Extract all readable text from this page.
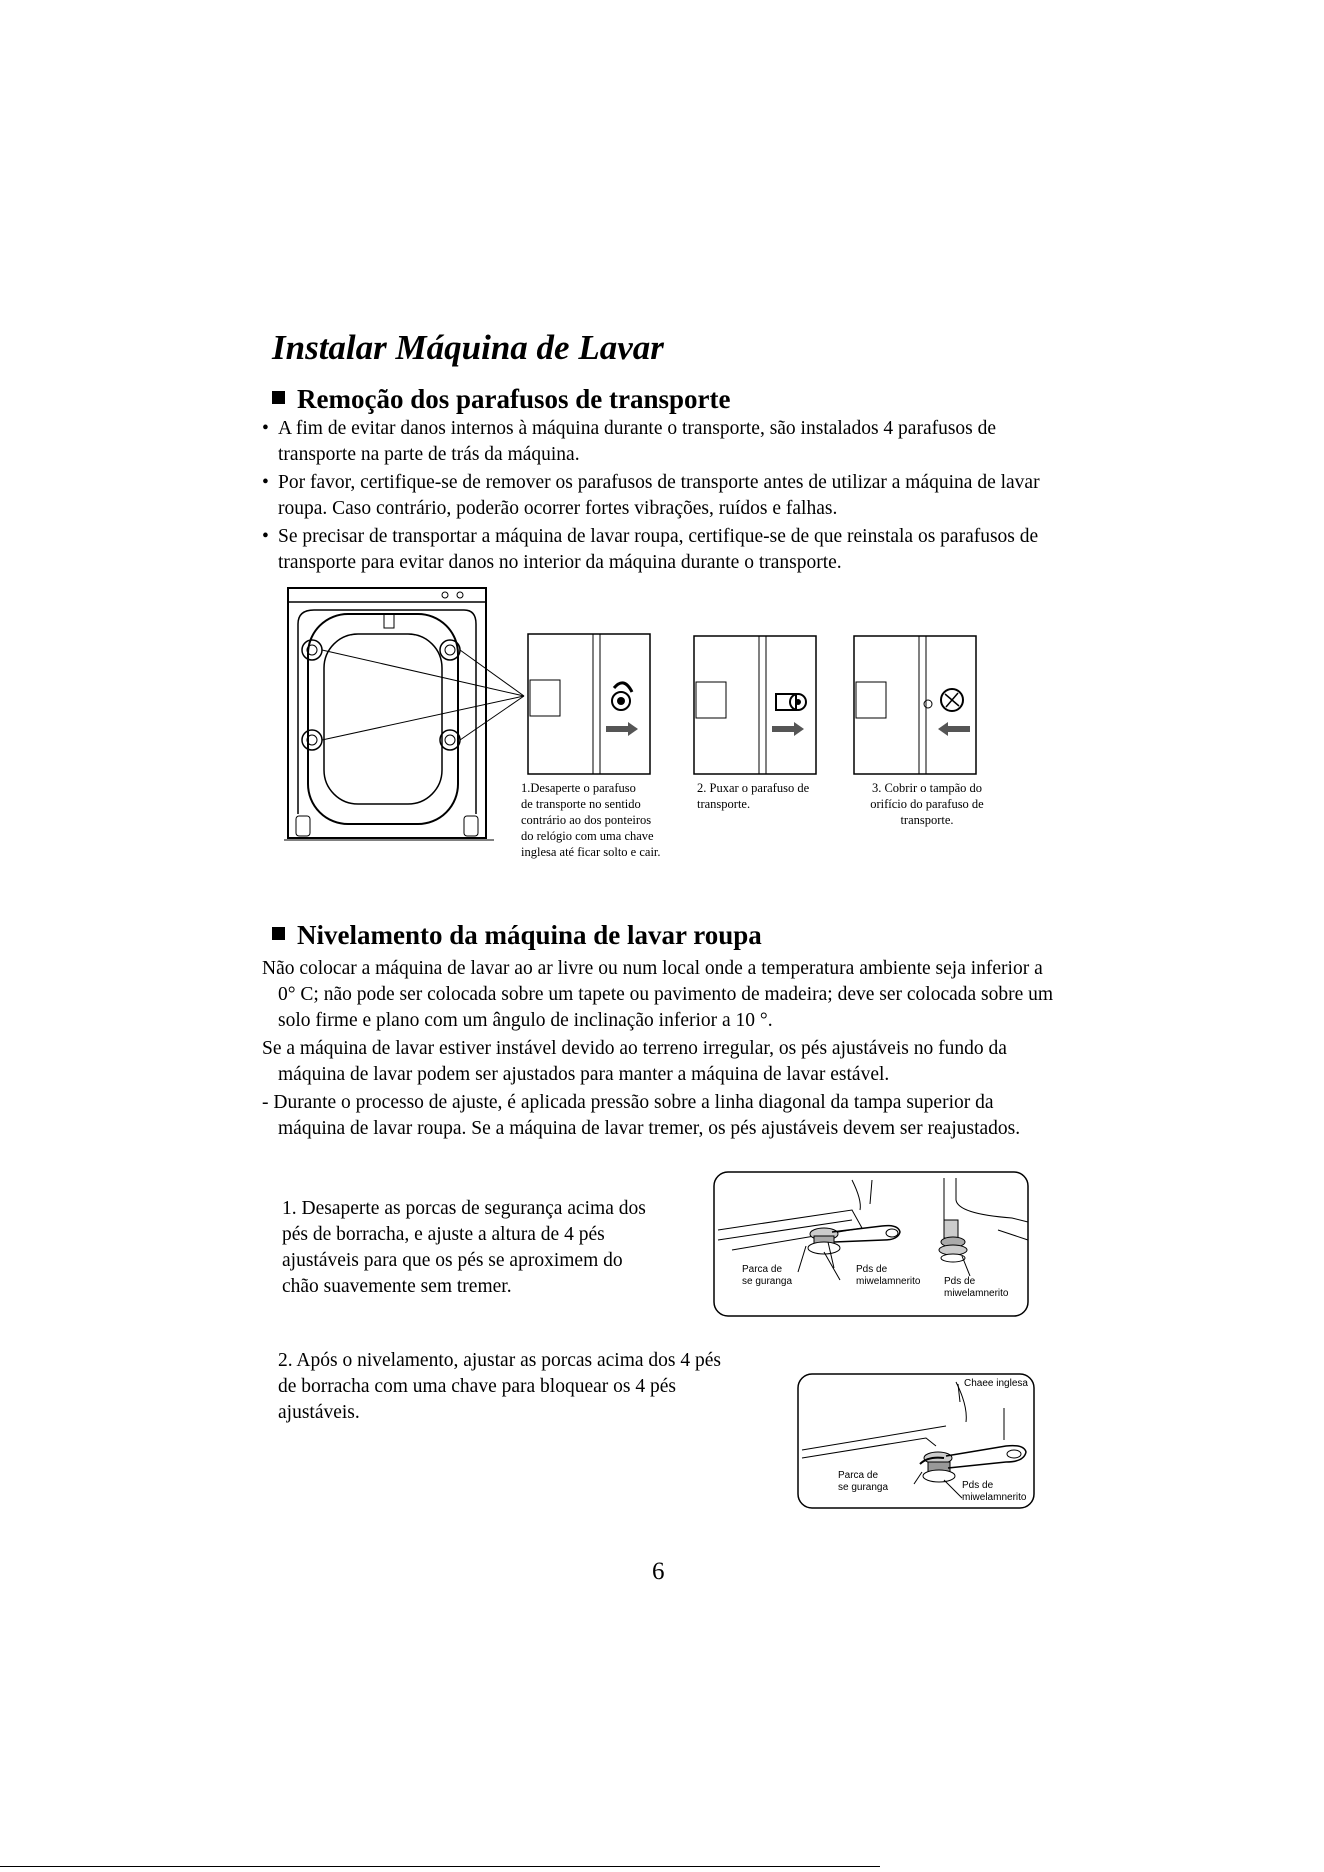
Instalar Máquina de Lavar
Remoção dos parafusos de transporte
• A fim de evitar danos internos à máquina durante o transporte, são instalados 4 parafusos de transporte na parte de trás da máquina.
• Por favor, certifique-se de remover os parafusos de transporte antes de utilizar a máquina de lavar roupa. Caso contrário, poderão ocorrer fortes vibrações, ruídos e falhas.
• Se precisar de transportar a máquina de lavar roupa, certifique-se de que reinstala os parafusos de transporte para evitar danos no interior da máquina durante o transporte.
1.Desaperte o parafuso
de transporte no sentido
contrário ao dos ponteiros
do relógio com uma chave
inglesa até ficar solto e cair.
2. Puxar o parafuso de
transporte.
3. Cobrir o tampão do
orifício do parafuso de
transporte.
Nivelamento da máquina de lavar roupa

Não colocar a máquina de lavar ao ar livre ou num local onde a temperatura ambiente seja inferior a 0° C; não pode ser colocada sobre um tapete ou pavimento de madeira; deve ser colocada sobre um solo firme e plano com um ângulo de inclinação inferior a 10 °.

Se a máquina de lavar estiver instável devido ao terreno irregular, os pés ajustáveis no fundo da máquina de lavar podem ser ajustados para manter a máquina de lavar estável.

- Durante o processo de ajuste, é aplicada pressão sobre a linha diagonal da tampa superior da máquina de lavar roupa. Se a máquina de lavar tremer, os pés ajustáveis devem ser reajustados.

1. Desaperte as porcas de segurança acima dos
pés de borracha, e ajuste a altura de 4 pés
ajustáveis para que os pés se aproximem do
chão suavemente sem tremer.
Parca de
se guranga
Pds de
miwelamnerito	Pds de
miwelamnerito
2. Após o nivelamento, ajustar as porcas acima dos 4 pés
de borracha com uma chave para bloquear os 4 pés
ajustáveis.
Chaee inglesa
Parca de
se guranga	Pds de
miwelamnerito
6
